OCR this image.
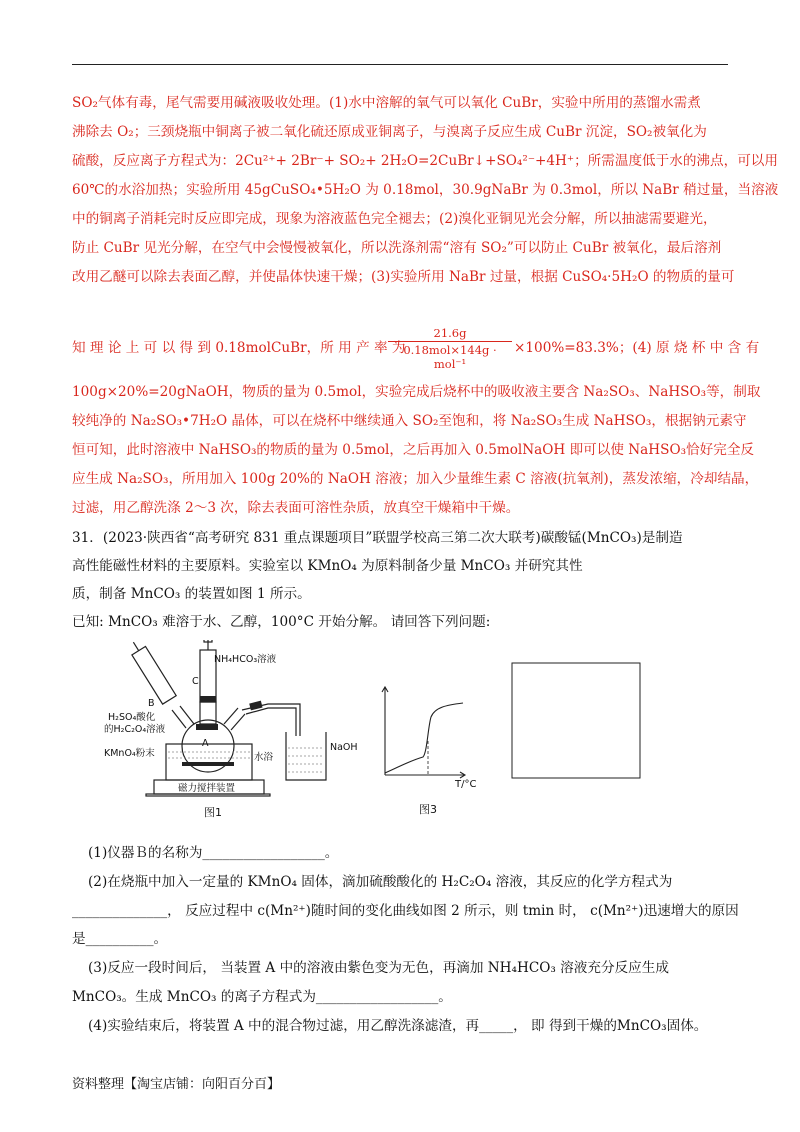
SO₂气体有毒，尾气需要用碱液吸收处理。(1)水中溶解的氧气可以氧化 CuBr，实验中所用的蒸馏水需煮
沸除去 O₂；三颈烧瓶中铜离子被二氧化硫还原成亚铜离子，与溴离子反应生成 CuBr 沉淀，SO₂被氧化为
硫酸，反应离子方程式为：2Cu²⁺+ 2Br⁻+ SO₂+ 2H₂O=2CuBr↓+SO₄²⁻+4H⁺；所需温度低于水的沸点，可以用
60℃的水浴加热；实验所用 45gCuSO₄•5H₂O 为 0.18mol，30.9gNaBr 为 0.3mol，所以 NaBr 稍过量，当溶液
中的铜离子消耗完时反应即完成，现象为溶液蓝色完全褪去；(2)溴化亚铜见光会分解，所以抽滤需要避光，
防止 CuBr 见光分解，在空气中会慢慢被氧化，所以洗涤剂需“溶有 SO₂”可以防止 CuBr 被氧化，最后溶剂
改用乙醚可以除去表面乙醇，并使晶体快速干燥；(3)实验所用 NaBr 过量，根据 CuSO₄·5H₂O 的物质的量可
知 理 论 上 可 以 得 到 0.18molCuBr，所 用 产 率 为
21.6g
0.18mol×144g · mol⁻¹
×100%=83.3%；(4) 原 烧 杯 中 含 有
100g×20%=20gNaOH，物质的量为 0.5mol，实验完成后烧杯中的吸收液主要含 Na₂SO₃、NaHSO₃等，制取
较纯净的 Na₂SO₃•7H₂O 晶体，可以在烧杯中继续通入 SO₂至饱和，将 Na₂SO₃生成 NaHSO₃，根据钠元素守
恒可知，此时溶液中 NaHSO₃的物质的量为 0.5mol，之后再加入 0.5molNaOH 即可以使 NaHSO₃恰好完全反
应生成 Na₂SO₃，所用加入 100g 20%的 NaOH 溶液；加入少量维生素 C 溶液(抗氧剂)，蒸发浓缩，冷却结晶，
过滤，用乙醇洗涤 2～3 次，除去表面可溶性杂质，放真空干燥箱中干燥。
31．(2023·陕西省“高考研究 831 重点课题项目”联盟学校高三第二次大联考)碳酸锰(MnCO₃)是制造
高性能磁性材料的主要原料。实验室以 KMnO₄ 为原料制备少量 MnCO₃ 并研究其性
质，制备 MnCO₃ 的装置如图 1 所示。
已知: MnCO₃ 难溶于水、乙醇，100°C 开始分解。 请回答下列问题:
NH₄HCO₃溶液
C
B
H₂SO₄酸化
的H₂C₂O₄溶液
A
KMnO₄粉末	水浴
NaOH
磁力搅拌装置
图1
T/°C
图3
(1)仪器Ｂ的名称为__________________。
(2)在烧瓶中加入一定量的 KMnO₄ 固体，滴加硫酸酸化的 H₂C₂O₄ 溶液，其反应的化学方程式为
______________， 反应过程中 c(Mn²⁺)随时间的变化曲线如图 2 所示，则 tmin 时， c(Mn²⁺)迅速增大的原因
是__________。
(3)反应一段时间后， 当装置 A 中的溶液由紫色变为无色，再滴加 NH₄HCO₃ 溶液充分反应生成
MnCO₃。生成 MnCO₃ 的离子方程式为__________________。
(4)实验结束后，将装置 A 中的混合物过滤，用乙醇洗涤滤渣，再_____， 即 得到干燥的MnCO₃固体。
资料整理【淘宝店铺：向阳百分百】
